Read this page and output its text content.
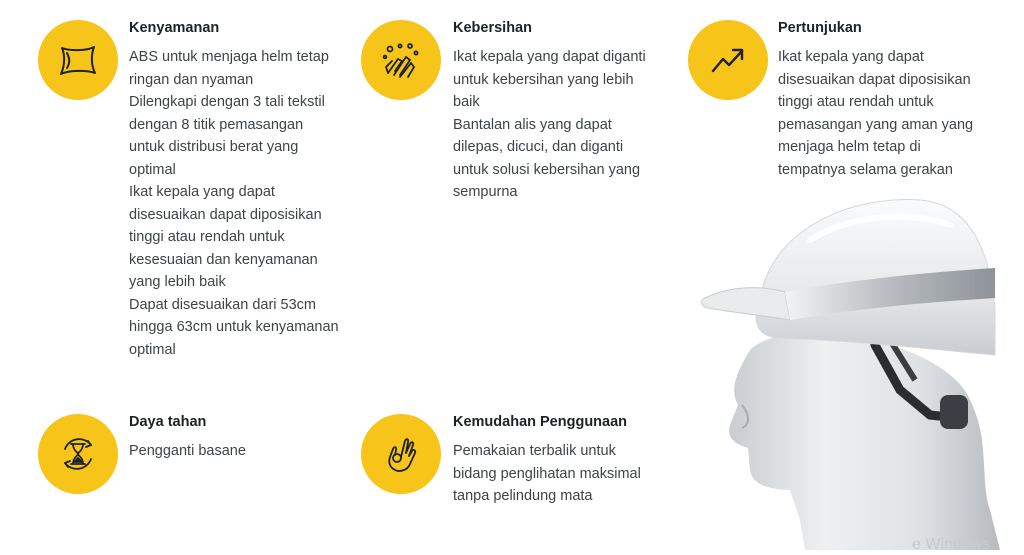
Kenyamanan

ABS untuk menjaga helm tetap ringan dan nyaman

Dilengkapi dengan 3 tali tekstil dengan 8 titik pemasangan untuk distribusi berat yang optimal

Ikat kepala yang dapat disesuaikan dapat diposisikan tinggi atau rendah untuk kesesuaian dan kenyamanan yang lebih baik

Dapat disesuaikan dari 53cm hingga 63cm untuk kenyamanan optimal

Kebersihan

Ikat kepala yang dapat diganti untuk kebersihan yang lebih baik

Bantalan alis yang dapat dilepas, dicuci, dan diganti untuk solusi kebersihan yang sempurna

Pertunjukan

Ikat kepala yang dapat disesuaikan dapat diposisikan tinggi atau rendah untuk pemasangan yang aman yang menjaga helm tetap di tempatnya selama gerakan

Daya tahan

Pengganti basane

Kemudahan Penggunaan

Pemakaian terbalik untuk bidang penglihatan maksimal tanpa pelindung mata

e Windows
